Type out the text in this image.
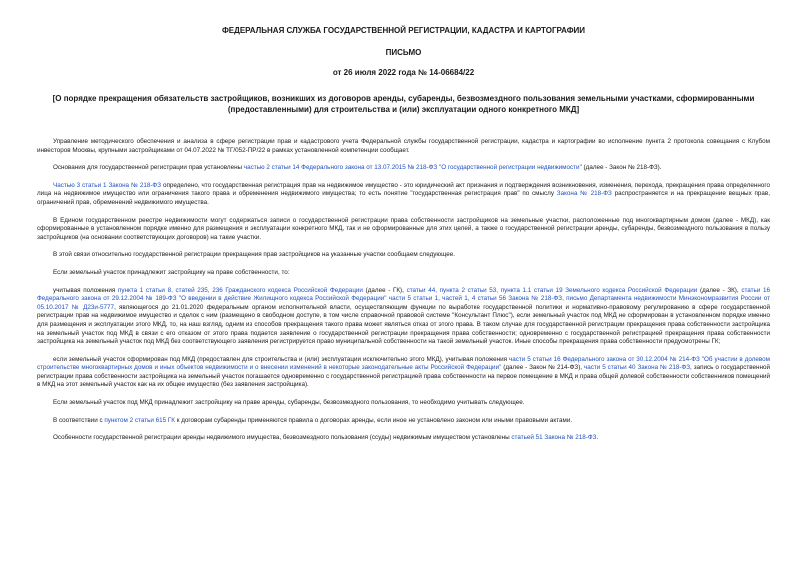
ФЕДЕРАЛЬНАЯ СЛУЖБА ГОСУДАРСТВЕННОЙ РЕГИСТРАЦИИ, КАДАСТРА И КАРТОГРАФИИ

ПИСЬМО

от 26 июля 2022 года № 14-06684/22

[О порядке прекращения обязательств застройщиков, возникших из договоров аренды, субаренды, безвозмездного пользования земельными участками, сформированными (предоставленными) для строительства и (или) эксплуатации одного конкретного МКД]

Управление методического обеспечения и анализа в сфере регистрации прав и кадастрового учета Федеральной службы государственной регистрации, кадастра и картографии во исполнение пункта 2 протокола совещания с Клубом инвесторов Москвы, крупными застройщиками от 04.07.2022 № ТГ/052-ПР/22 в рамках установленной компетенции сообщает.

Основания для государственной регистрации прав установлены частью 2 статьи 14 Федерального закона от 13.07.2015 № 218-ФЗ "О государственной регистрации недвижимости" (далее - Закон № 218-ФЗ).

Частью 3 статьи 1 Закона № 218-ФЗ определено, что государственная регистрация прав на недвижимое имущество - это юридический акт признания и подтверждения возникновения, изменения, перехода, прекращения права определенного лица на недвижимое имущество или ограничения такого права и обременения недвижимого имущества; то есть понятие "государственная регистрация прав" по смыслу Закона № 218-ФЗ распространяется и на прекращение вещных прав, ограничений прав, обременений недвижимого имущества.

В Едином государственном реестре недвижимости могут содержаться записи о государственной регистрации права собственности застройщиков на земельные участки, расположенные под многоквартирным домом (далее - МКД), как сформированные в установленном порядке именно для размещения и эксплуатации конкретного МКД, так и не сформированные для этих целей, а также о государственной регистрации аренды, субаренды, безвозмездного пользования в пользу застройщиков (на основании соответствующих договоров) на такие участки.

В этой связи относительно государственной регистрации прекращения прав застройщиков на указанные участки сообщаем следующее.

Если земельный участок принадлежит застройщику на праве собственности, то:

учитывая положения пункта 1 статьи 8, статей 235, 236 Гражданского кодекса Российской Федерации (далее - ГК), статьи 44, пункта 2 статьи 53, пункта 1.1 статьи 19 Земельного кодекса Российской Федерации (далее - ЗК), статьи 16 Федерального закона от 29.12.2004 № 189-ФЗ "О введении в действие Жилищного кодекса Российской Федерации" части 5 статьи 1, частей 1, 4 статьи 56 Закона № 218-ФЗ, письмо Департамента недвижимости Минэкономразвития России от 05.10.2017 № Д23и-5777, являющегося до 21.01.2020 федеральным органом исполнительной власти, осуществляющим функции по выработке государственной политики и нормативно-правовому регулированию в сфере государственной регистрации прав на недвижимое имущество и сделок с ним (размещено в свободном доступе, в том числе справочной правовой системе "Консультант Плюс"), если земельный участок под МКД не сформирован в установленном порядке именно для размещения и эксплуатации этого МКД, то, на наш взгляд, одним из способов прекращения такого права может являться отказ от этого права. В таком случае для государственной регистрации прекращения права собственности застройщика на земельный участок под МКД в связи с его отказом от этого права подается заявление о государственной регистрации прекращения права собственности; одновременно с государственной регистрацией прекращения права собственности застройщика на земельный участок под МКД без соответствующего заявления регистрируется право муниципальной собственности на такой земельный участок. Иные способы прекращения права собственности предусмотрены ГК;

если земельный участок сформирован под МКД (предоставлен для строительства и (или) эксплуатации исключительно этого МКД), учитывая положения части 5 статьи 16 Федерального закона от 30.12.2004 № 214-ФЗ "Об участии в долевом строительстве многоквартирных домов и иных объектов недвижимости и о внесении изменений в некоторые законодательные акты Российской Федерации" (далее - Закон № 214-ФЗ), части 5 статьи 40 Закона № 218-ФЗ, запись о государственной регистрации права собственности застройщика на земельный участок погашается одновременно с государственной регистрацией права собственности на первое помещение в МКД и права общей долевой собственности собственников помещений в МКД на этот земельный участок как на их общее имущество (без заявления застройщика).

Если земельный участок под МКД принадлежит застройщику на праве аренды, субаренды, безвозмездного пользования, то необходимо учитывать следующее.

В соответствии с пунктом 2 статьи 615 ГК к договорам субаренды применяются правила о договорах аренды, если иное не установлено законом или иными правовыми актами.

Особенности государственной регистрации аренды недвижимого имущества, безвозмездного пользования (ссуды) недвижимым имуществом установлены статьей 51 Закона № 218-ФЗ.
